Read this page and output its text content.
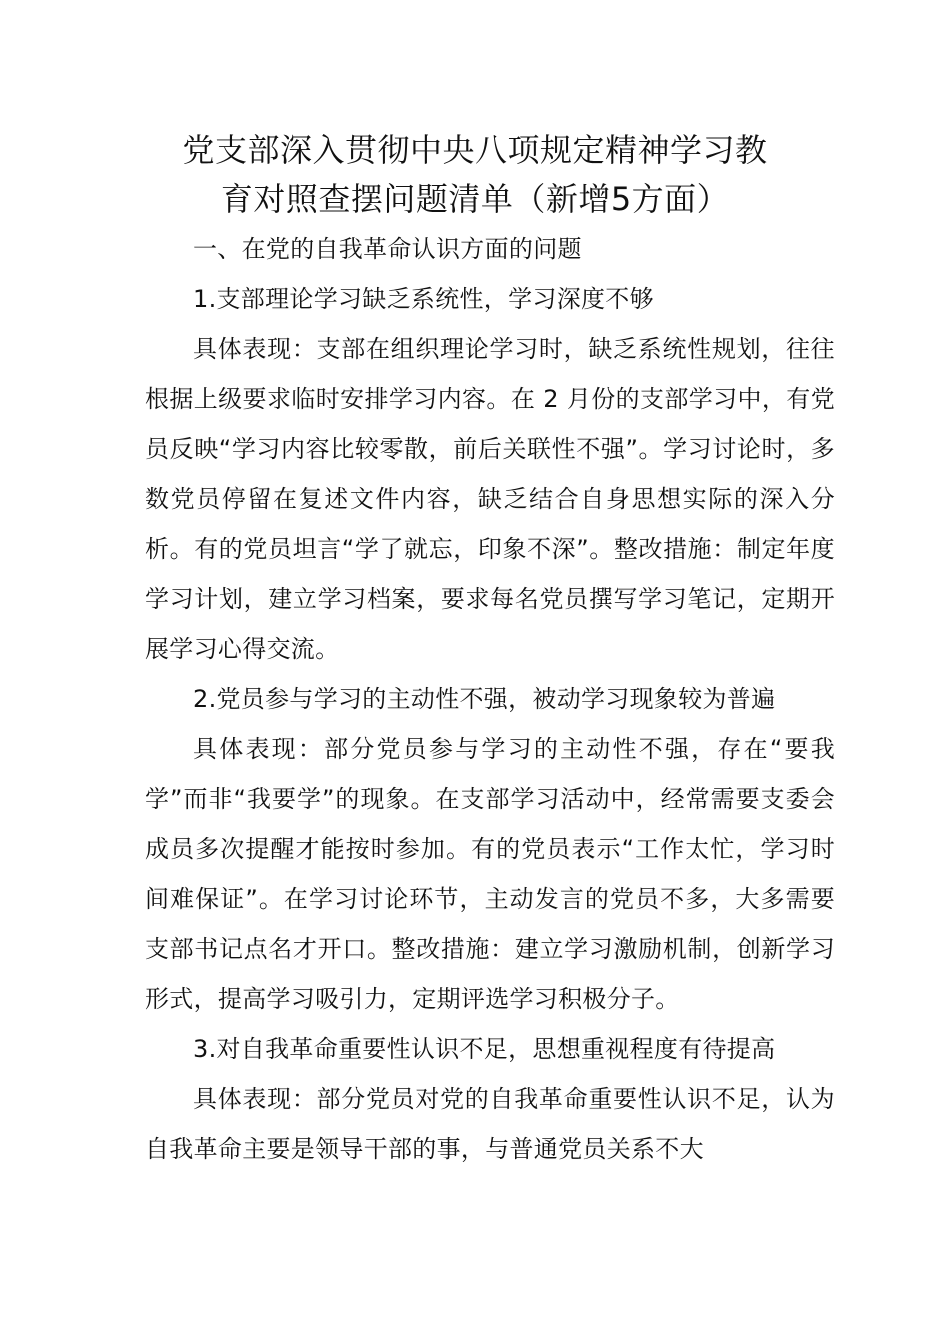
党支部深入贯彻中央八项规定精神学习教
育对照查摆问题清单（新增5方面）

一、在党的自我革命认识方面的问题

1.支部理论学习缺乏系统性，学习深度不够

具体表现：支部在组织理论学习时，缺乏系统性规划，往往根据上级要求临时安排学习内容。在 2 月份的支部学习中，有党员反映“学习内容比较零散，前后关联性不强”。学习讨论时，多数党员停留在复述文件内容，缺乏结合自身思想实际的深入分析。有的党员坦言“学了就忘，印象不深”。整改措施：制定年度学习计划，建立学习档案，要求每名党员撰写学习笔记，定期开展学习心得交流。

2.党员参与学习的主动性不强，被动学习现象较为普遍

具体表现：部分党员参与学习的主动性不强，存在“要我学”而非“我要学”的现象。在支部学习活动中，经常需要支委会成员多次提醒才能按时参加。有的党员表示“工作太忙，学习时间难保证”。在学习讨论环节，主动发言的党员不多，大多需要支部书记点名才开口。整改措施：建立学习激励机制，创新学习形式，提高学习吸引力，定期评选学习积极分子。

3.对自我革命重要性认识不足，思想重视程度有待提高

具体表现：部分党员对党的自我革命重要性认识不足，认为自我革命主要是领导干部的事，与普通党员关系不大
